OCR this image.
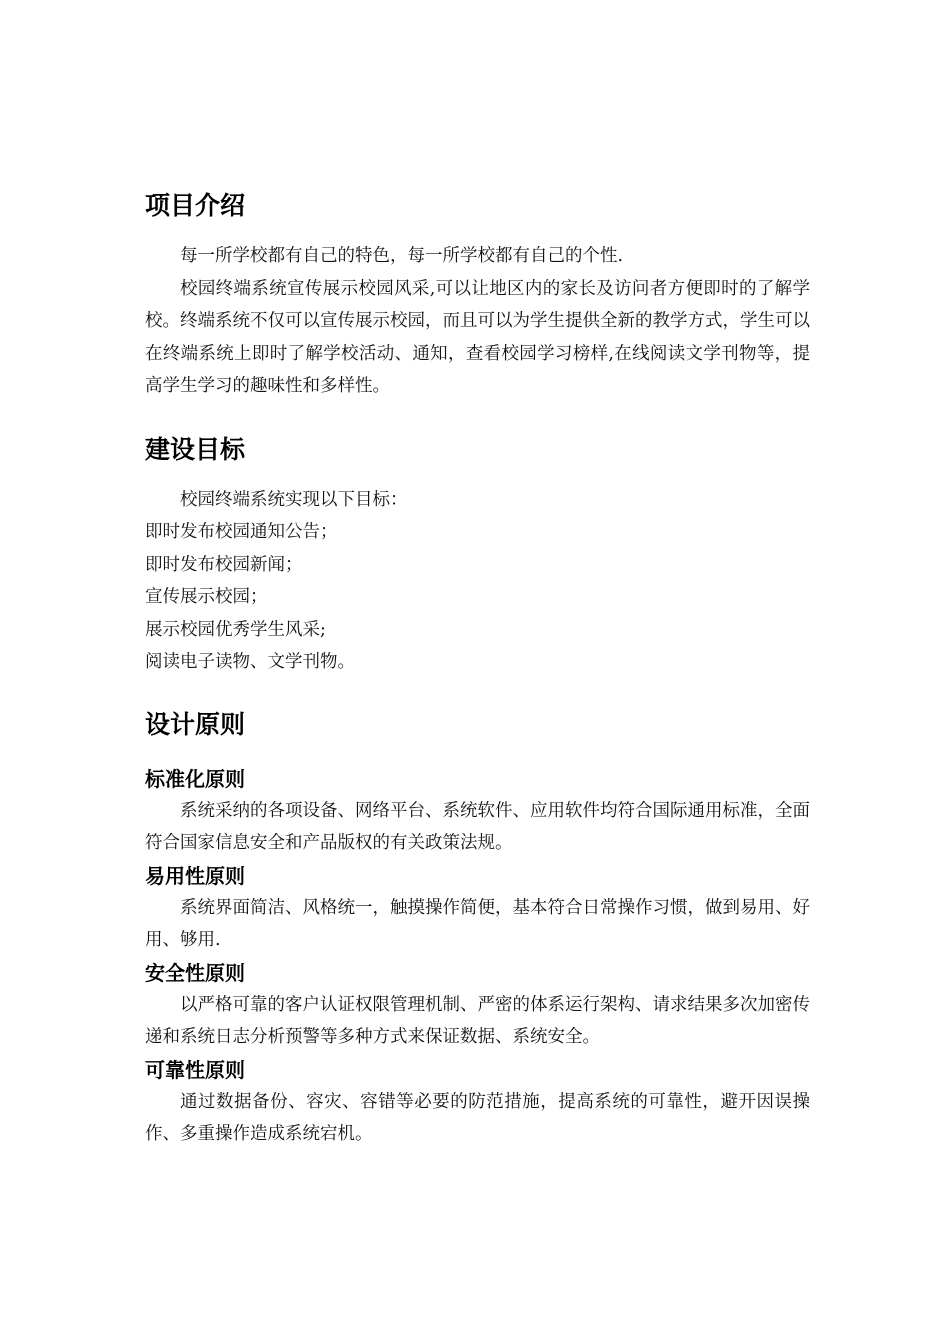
项目介绍

每一所学校都有自己的特色，每一所学校都有自己的个性.

校园终端系统宣传展示校园风采,可以让地区内的家长及访问者方便即时的了解学校。终端系统不仅可以宣传展示校园，而且可以为学生提供全新的教学方式，学生可以在终端系统上即时了解学校活动、通知，查看校园学习榜样,在线阅读文学刊物等，提高学生学习的趣味性和多样性。

建设目标

校园终端系统实现以下目标：

即时发布校园通知公告；

即时发布校园新闻；

宣传展示校园；

展示校园优秀学生风采;

阅读电子读物、文学刊物。

设计原则
标准化原则

系统采纳的各项设备、网络平台、系统软件、应用软件均符合国际通用标准，全面符合国家信息安全和产品版权的有关政策法规。

易用性原则

系统界面简洁、风格统一，触摸操作简便，基本符合日常操作习惯，做到易用、好用、够用.

安全性原则

以严格可靠的客户认证权限管理机制、严密的体系运行架构、请求结果多次加密传递和系统日志分析预警等多种方式来保证数据、系统安全。

可靠性原则

通过数据备份、容灾、容错等必要的防范措施，提高系统的可靠性，避开因误操作、多重操作造成系统宕机。
